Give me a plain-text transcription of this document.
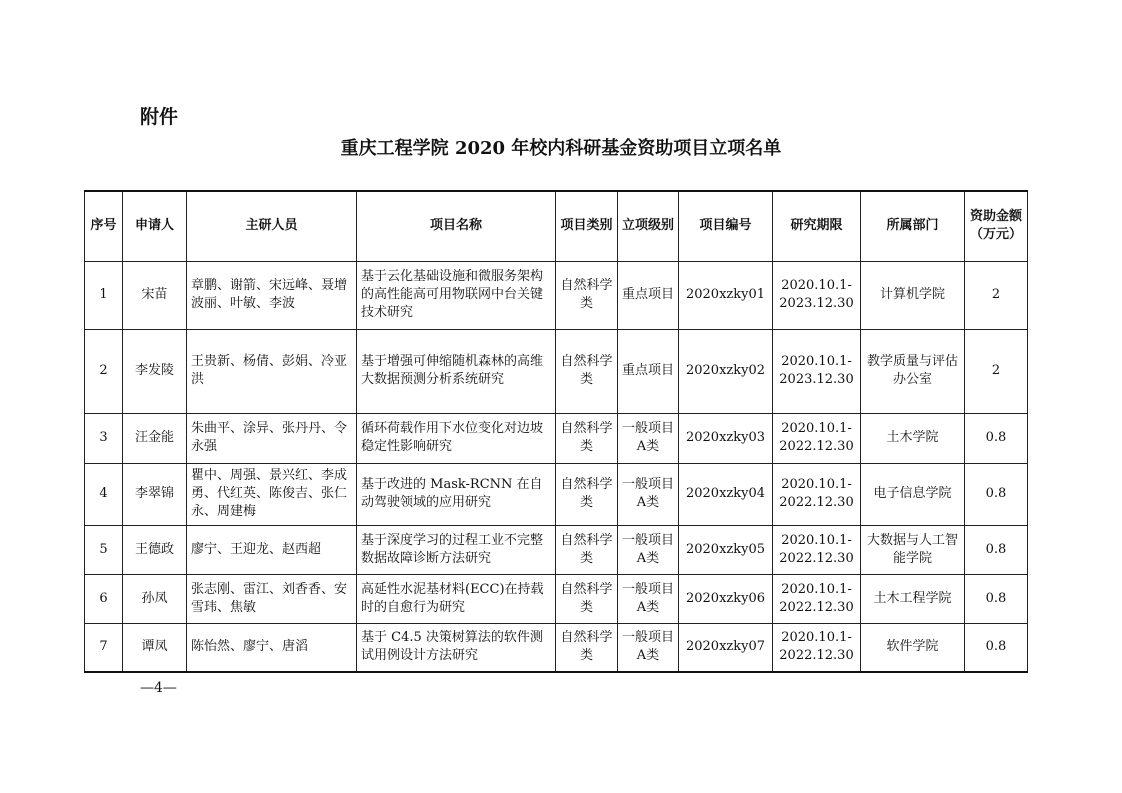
附件
重庆工程学院 2020 年校内科研基金资助项目立项名单
序号	申请人	主研人员	项目名称	项目类别	立项级别	项目编号	研究期限	所属部门	资助金额（万元）
1	宋苗	章鹏、谢箭、宋远峰、聂增波丽、叶敏、李波	基于云化基础设施和微服务架构的高性能高可用物联网中台关键技术研究	自然科学类	重点项目	2020xzky01	2020.10.1-2023.12.30	计算机学院	2
2	李发陵	王贵新、杨倩、彭娟、冷亚洪	基于增强可伸缩随机森林的高维大数据预测分析系统研究	自然科学类	重点项目	2020xzky02	2020.10.1-2023.12.30	教学质量与评估办公室	2
3	汪金能	朱曲平、涂异、张丹丹、令永强	循环荷载作用下水位变化对边坡稳定性影响研究	自然科学类	一般项目A类	2020xzky03	2020.10.1-2022.12.30	土木学院	0.8
4	李翠锦	瞿中、周强、景兴红、李成勇、代红英、陈俊吉、张仁永、周建梅	基于改进的 Mask-RCNN 在自动驾驶领域的应用研究	自然科学类	一般项目A类	2020xzky04	2020.10.1-2022.12.30	电子信息学院	0.8
5	王德政	廖宁、王迎龙、赵西超	基于深度学习的过程工业不完整数据故障诊断方法研究	自然科学类	一般项目A类	2020xzky05	2020.10.1-2022.12.30	大数据与人工智能学院	0.8
6	孙凤	张志刚、雷江、刘香香、安雪玮、焦敏	高延性水泥基材料(ECC)在持载时的自愈行为研究	自然科学类	一般项目A类	2020xzky06	2020.10.1-2022.12.30	土木工程学院	0.8
7	谭凤	陈怡然、廖宁、唐滔	基于 C4.5 决策树算法的软件测试用例设计方法研究	自然科学类	一般项目A类	2020xzky07	2020.10.1-2022.12.30	软件学院	0.8
—4—
